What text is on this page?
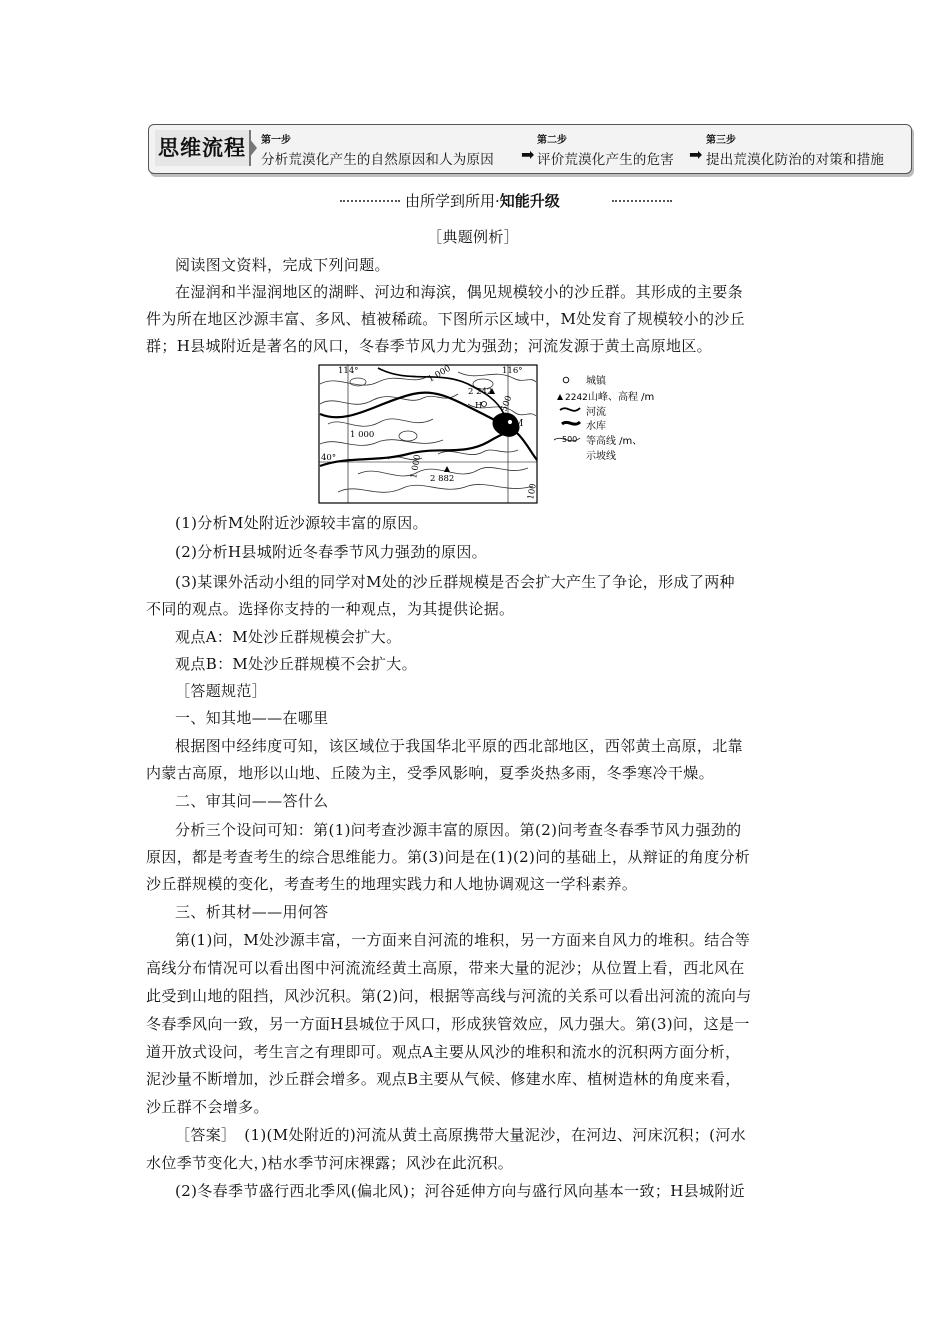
思维流程	第一步
分析荒漠化产生的自然原因和人为原因 ➡
第二步
评价荒漠化产生的危害 ➡
第三步
提出荒漠化防治的对策和措施
由所学到所用·知能升级
［典题例析］
阅读图文资料，完成下列问题。
在湿润和半湿润地区的湖畔、河边和海滨，偶见规模较小的沙丘群。其形成的主要条
件为所在地区沙源丰富、多风、植被稀疏。下图所示区域中，M处发育了规模较小的沙丘
群；H县城附近是著名的风口，冬春季节风力尤为强劲；河流发源于黄土高原地区。
114°	116°
40°
2 242
2 882
1 000
1 000
1 000
500
100
H
M
城镇
2242 山峰、高程 /m
河流
水库
500 等高线 /m、
示坡线
(1)分析M处附近沙源较丰富的原因。
(2)分析H县城附近冬春季节风力强劲的原因。
(3)某课外活动小组的同学对M处的沙丘群规模是否会扩大产生了争论，形成了两种
不同的观点。选择你支持的一种观点，为其提供论据。
观点A：M处沙丘群规模会扩大。
观点B：M处沙丘群规模不会扩大。
［答题规范］
一、知其地——在哪里
根据图中经纬度可知，该区域位于我国华北平原的西北部地区，西邻黄土高原，北靠
内蒙古高原，地形以山地、丘陵为主，受季风影响，夏季炎热多雨，冬季寒冷干燥。
二、审其问——答什么
分析三个设问可知：第(1)问考查沙源丰富的原因。第(2)问考查冬春季节风力强劲的
原因，都是考查考生的综合思维能力。第(3)问是在(1)(2)问的基础上，从辩证的角度分析
沙丘群规模的变化，考查考生的地理实践力和人地协调观这一学科素养。
三、析其材——用何答
第(1)问，M处沙源丰富，一方面来自河流的堆积，另一方面来自风力的堆积。结合等
高线分布情况可以看出图中河流流经黄土高原，带来大量的泥沙；从位置上看，西北风在
此受到山地的阻挡，风沙沉积。第(2)问，根据等高线与河流的关系可以看出河流的流向与
冬春季风向一致，另一方面H县城位于风口，形成狭管效应，风力强大。第(3)问，这是一
道开放式设问，考生言之有理即可。观点A主要从风沙的堆积和流水的沉积两方面分析，
泥沙量不断增加，沙丘群会增多。观点B主要从气候、修建水库、植树造林的角度来看，
沙丘群不会增多。
［答案］　(1)(M处附近的)河流从黄土高原携带大量泥沙，在河边、河床沉积；(河水
水位季节变化大，)枯水季节河床裸露；风沙在此沉积。
(2)冬春季节盛行西北季风(偏北风)；河谷延伸方向与盛行风向基本一致；H县城附近
